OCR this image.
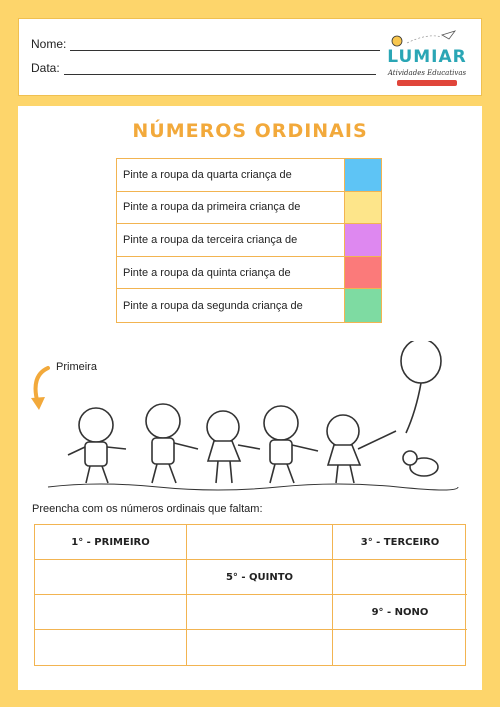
Nome:
Data:
LUMIAR
Atividades Educativas
NÚMEROS ORDINAIS
Pinte a roupa da quarta criança de
Pinte a roupa da primeira criança de
Pinte a roupa da terceira criança de
Pinte a roupa da quinta criança de
Pinte a roupa da segunda criança de
Primeira
Preencha com os números ordinais que faltam:
1° - PRIMEIRO	3° - TERCEIRO
5° - QUINTO
9° - NONO
